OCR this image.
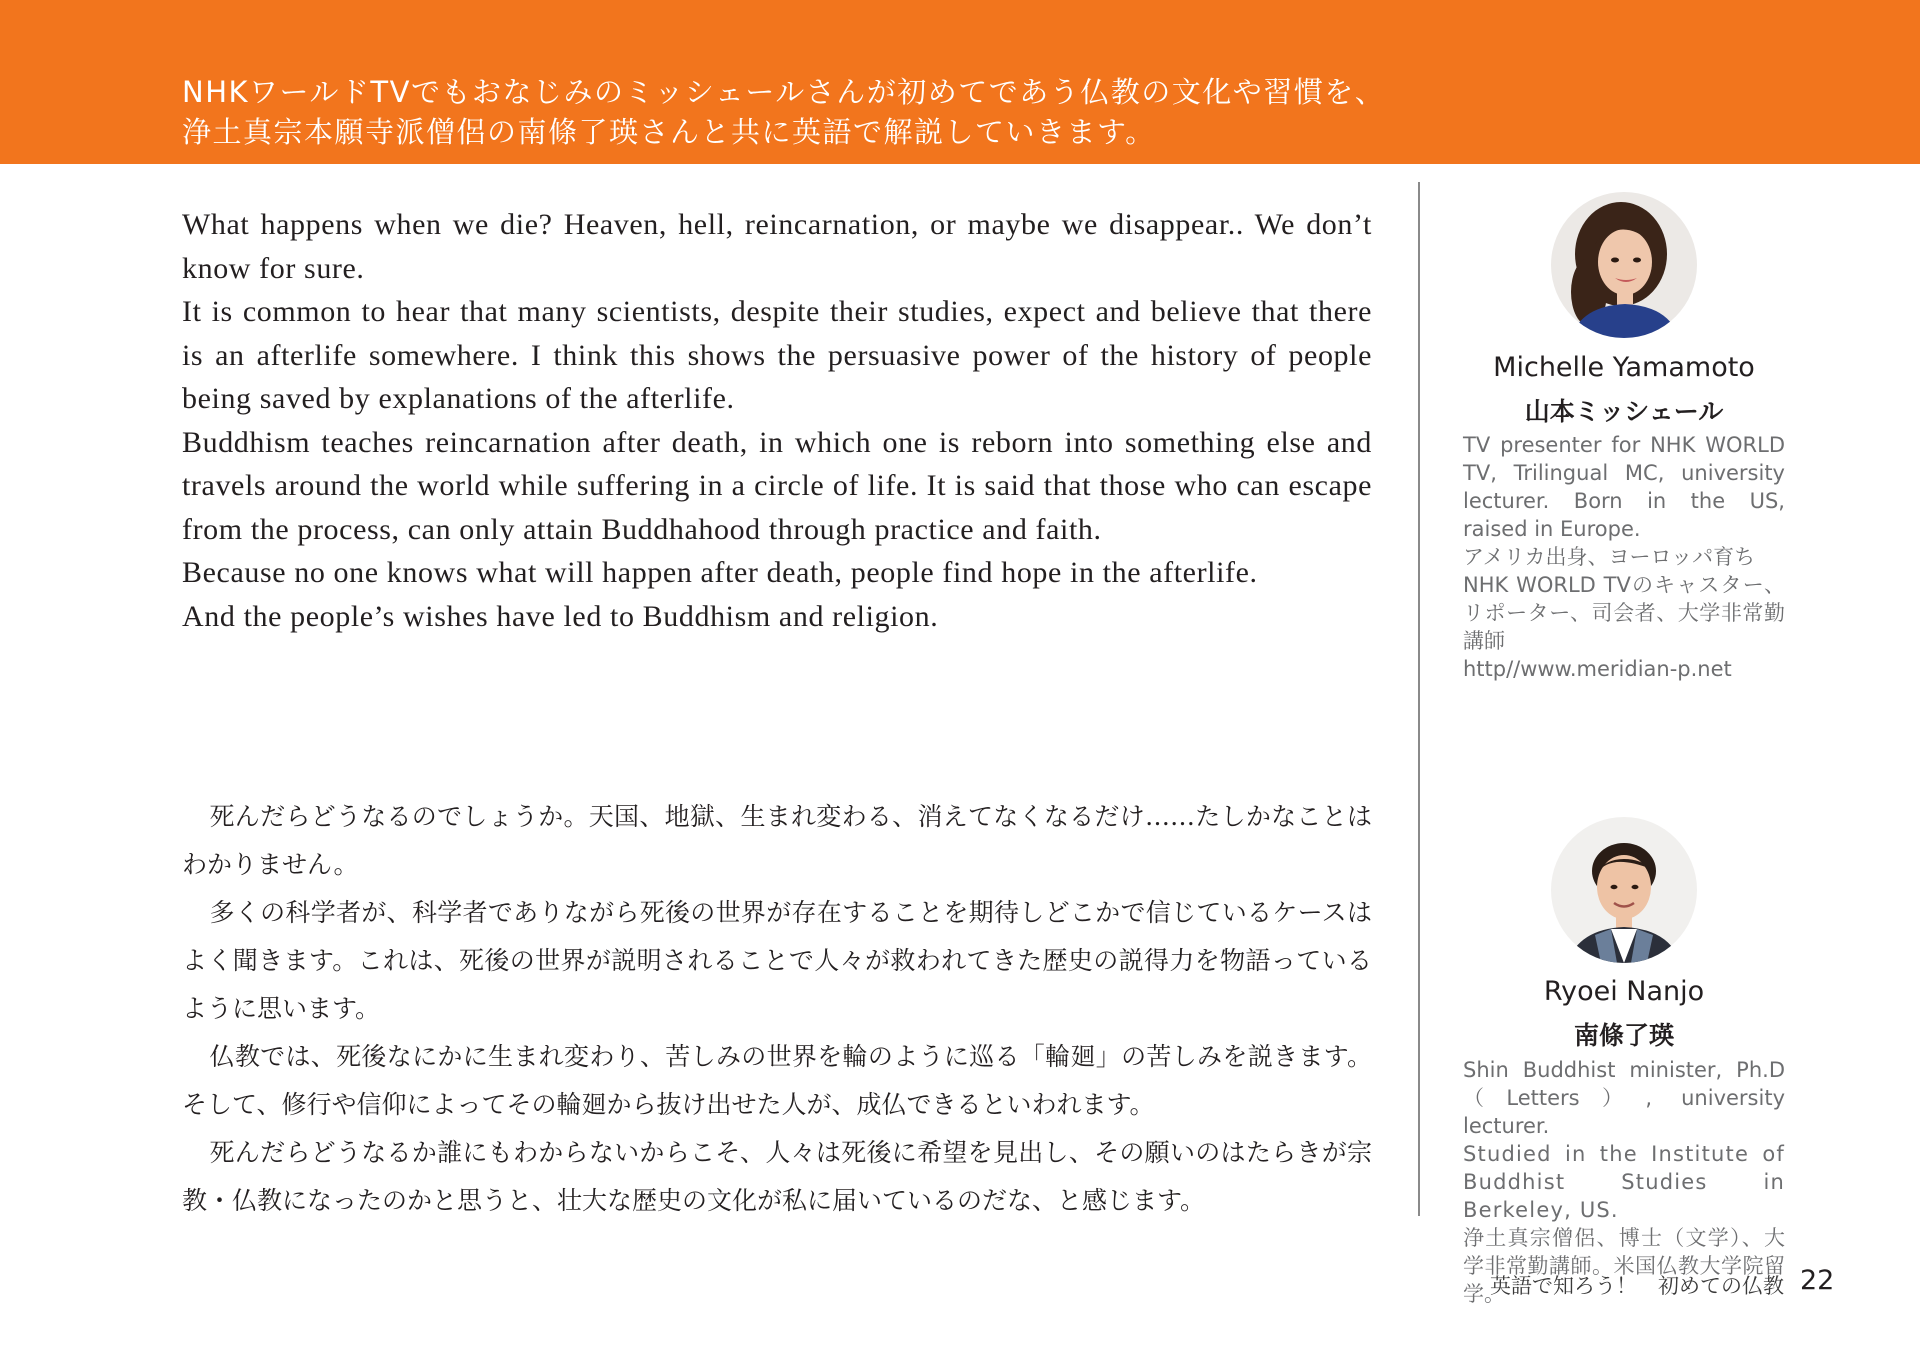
NHKワールドTVでもおなじみのミッシェールさんが初めてであう仏教の文化や習慣を、
浄土真宗本願寺派僧侶の南條了瑛さんと共に英語で解説していきます。

What happens when we die? Heaven, hell, reincarnation, or maybe we disappear.. We don’t know for sure.

It is common to hear that many scientists, despite their studies, expect and believe that there is an afterlife somewhere. I think this shows the persuasive power of the history of people being saved by explanations of the afterlife.

Buddhism teaches reincarnation after death, in which one is reborn into something else and travels around the world while suffering in a circle of life. It is said that those who can escape from the process, can only attain Buddhahood through practice and faith.

Because no one knows what will happen after death, people find hope in the afterlife.

And the people’s wishes have led to Buddhism and religion.

死んだらどうなるのでしょうか。天国、地獄、生まれ変わる、消えてなくなるだけ……たしかなことはわかりません。

多くの科学者が、科学者でありながら死後の世界が存在することを期待しどこかで信じているケースはよく聞きます。これは、死後の世界が説明されることで人々が救われてきた歴史の説得力を物語っているように思います。

仏教では、死後なにかに生まれ変わり、苦しみの世界を輪のように巡る「輪廻」の苦しみを説きます。そして、修行や信仰によってその輪廻から抜け出せた人が、成仏できるといわれます。

死んだらどうなるか誰にもわからないからこそ、人々は死後に希望を見出し、その願いのはたらきが宗教・仏教になったのかと思うと、壮大な歴史の文化が私に届いているのだな、と感じます。

Michelle Yamamoto
山本ミッシェール
TV presenter for NHK WORLD TV, Trilingual MC, university lecturer. Born in the US, raised in Europe.
アメリカ出身、ヨーロッパ育ち
NHK WORLD TVのキャスター、リポーター、司会者、大学非常勤講師
http//www.meridian-p.net
Ryoei Nanjo
南條了瑛
Shin Buddhist minister, Ph.D（Letters）, university lecturer.
Studied in the Institute of Buddhist Studies in Berkeley, US.
浄土真宗僧侶、博士（文学）、大学非常勤講師。米国仏教大学院留学。
英語で知ろう！　初めての仏教 22
